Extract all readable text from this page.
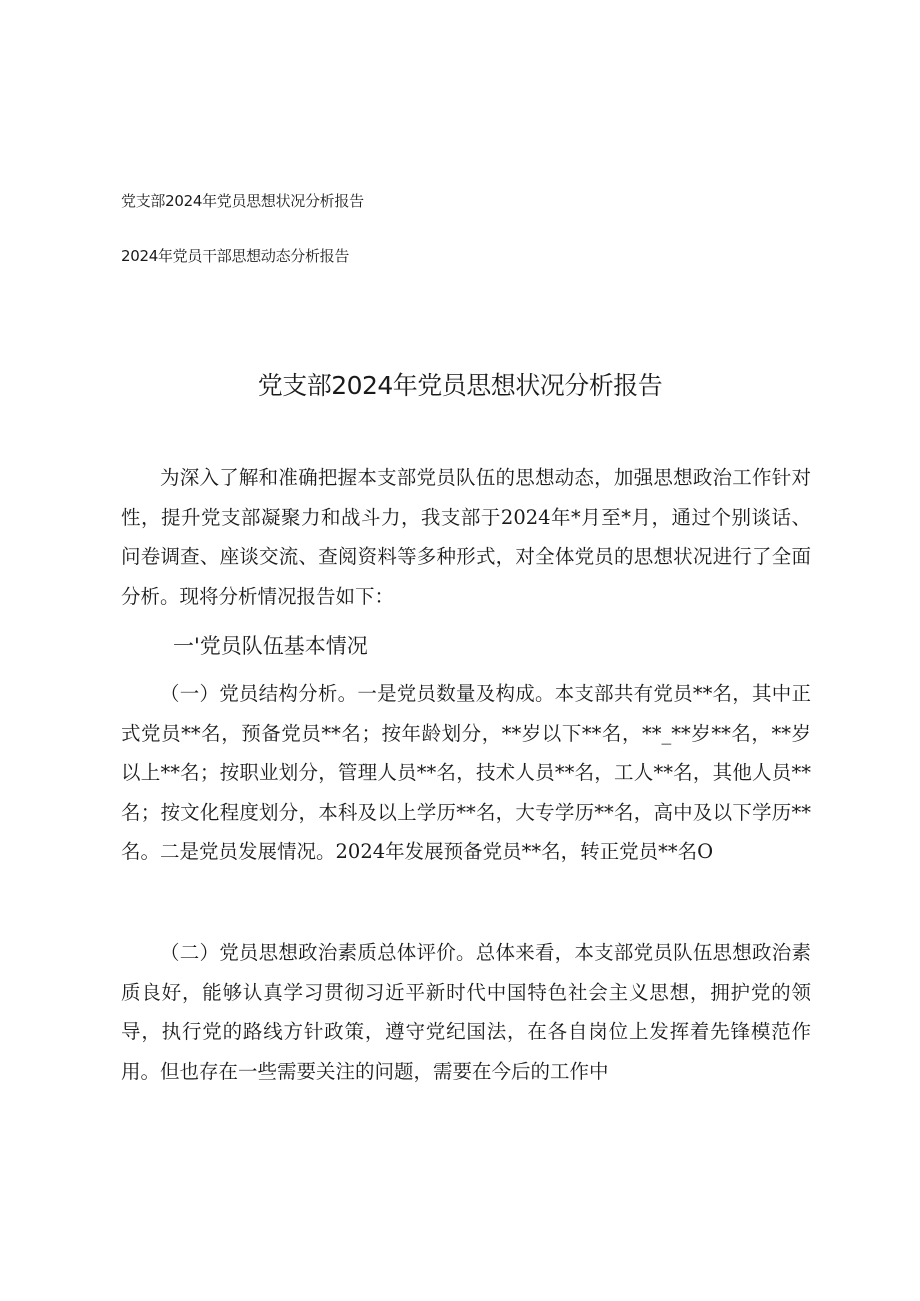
党支部2024年党员思想状况分析报告
2024年党员干部思想动态分析报告
党支部2024年党员思想状况分析报告

为深入了解和准确把握本支部党员队伍的思想动态，加强思想政治工作针对性，提升党支部凝聚力和战斗力，我支部于2024年*月至*月，通过个别谈话、问卷调查、座谈交流、查阅资料等多种形式，对全体党员的思想状况进行了全面分析。现将分析情况报告如下：

一'党员队伍基本情况

（一）党员结构分析。一是党员数量及构成。本支部共有党员**名，其中正式党员**名，预备党员**名；按年龄划分，**岁以下**名，**_**岁**名，**岁以上**名；按职业划分，管理人员**名，技术人员**名，工人**名，其他人员**名；按文化程度划分，本科及以上学历**名，大专学历**名，高中及以下学历**名。二是党员发展情况。2024年发展预备党员**名，转正党员**名O

（二）党员思想政治素质总体评价。总体来看，本支部党员队伍思想政治素质良好，能够认真学习贯彻习近平新时代中国特色社会主义思想，拥护党的领导，执行党的路线方针政策，遵守党纪国法，在各自岗位上发挥着先锋模范作用。但也存在一些需要关注的问题，需要在今后的工作中
